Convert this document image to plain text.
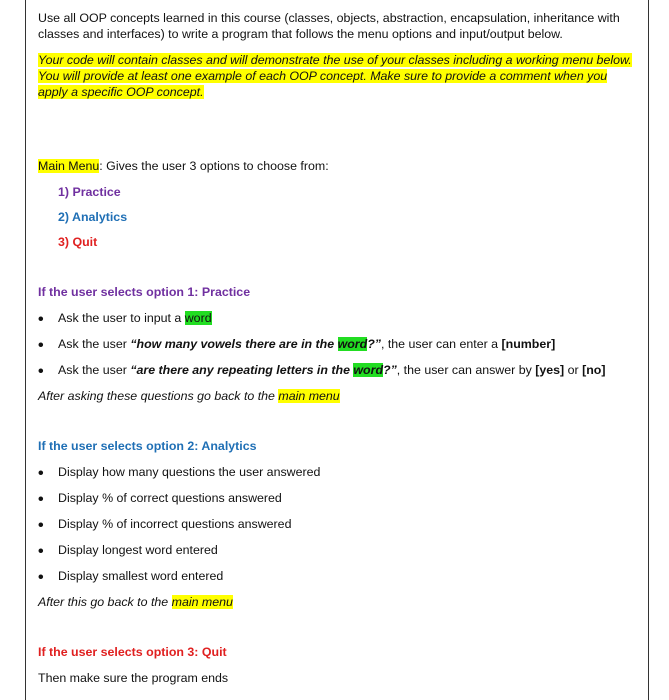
Use all OOP concepts learned in this course (classes, objects, abstraction, encapsulation, inheritance with classes and interfaces) to write a program that follows the menu options and input/output below.

Your code will contain classes and will demonstrate the use of your classes including a working menu below. You will provide at least one example of each OOP concept. Make sure to provide a comment when you apply a specific OOP concept.

Main Menu: Gives the user 3 options to choose from:

1) Practice
2) Analytics
3) Quit
If the user selects option 1: Practice
• Ask the user to input a word
• Ask the user “how many vowels there are in the word?”, the user can enter a [number]
• Ask the user “are there any repeating letters in the word?”, the user can answer by [yes] or [no]
After asking these questions go back to the main menu
If the user selects option 2: Analytics
• Display how many questions the user answered
• Display % of correct questions answered
• Display % of incorrect questions answered
• Display longest word entered
• Display smallest word entered
After this go back to the main menu
If the user selects option 3: Quit
Then make sure the program ends
